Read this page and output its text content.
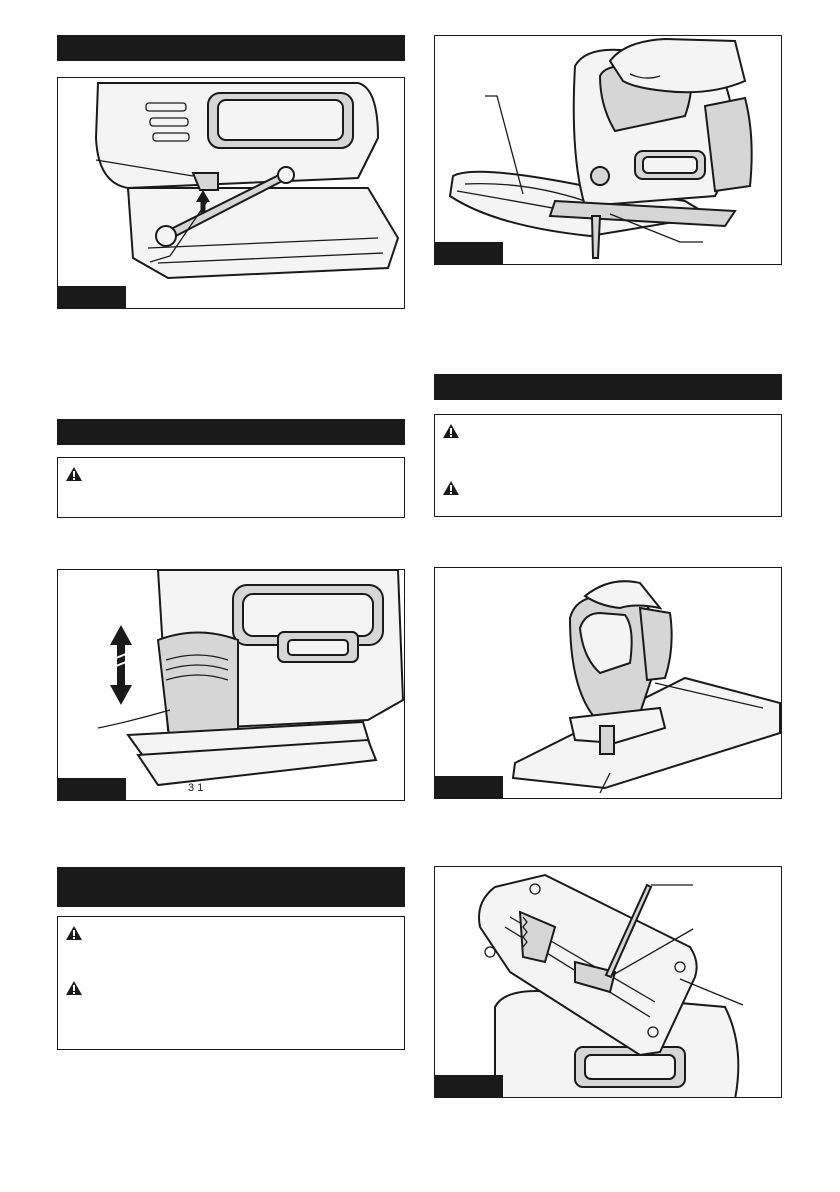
3 1
